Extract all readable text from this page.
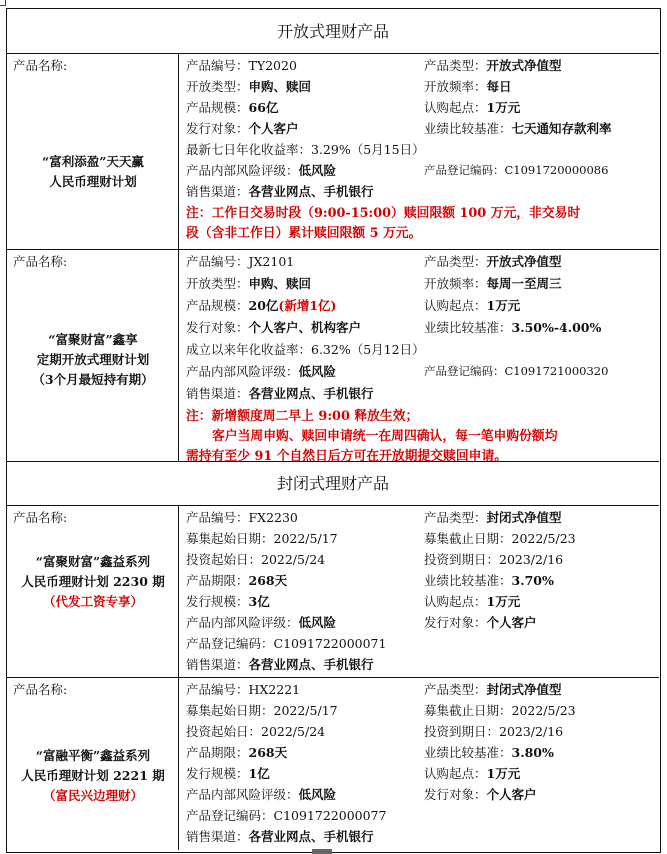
开放式理财产品
产品名称:
“富利添盈”天天赢
人民币理财计划
产品编号：TY2020	产品类型：开放式净值型
开放类型：申购、赎回	开放频率：每日
产品规模：66亿	认购起点：1万元
发行对象：个人客户	业绩比较基准：七天通知存款利率
最新七日年化收益率：3.29%（5月15日）
产品内部风险评级：低风险	产品登记编码：C1091720000086
销售渠道：各营业网点、手机银行
注：工作日交易时段（9:00-15:00）赎回限额 100 万元，非交易时
段（含非工作日）累计赎回限额 5 万元。
产品名称:
“富聚财富”鑫享
定期开放式理财计划
（3个月最短持有期）
产品编号：JX2101	产品类型：开放式净值型
开放类型：申购、赎回	开放频率：每周一至周三
产品规模：20亿(新增1亿)	认购起点：1万元
发行对象：个人客户、机构客户	业绩比较基准：3.50%-4.00%
成立以来年化收益率：6.32%（5月12日）
产品内部风险评级：低风险	产品登记编码：C1091721000320
销售渠道：各营业网点、手机银行
注：新增额度周二早上 9:00 释放生效；
客户当周申购、赎回申请统一在周四确认，每一笔申购份额均
需持有至少 91 个自然日后方可在开放期提交赎回申请。
封闭式理财产品
产品名称:
“富聚财富”鑫益系列
人民币理财计划 2230 期
（代发工资专享）
产品编号：FX2230	产品类型：封闭式净值型
募集起始日期：2022/5/17	募集截止日期：2022/5/23
投资起始日：2022/5/24	投资到期日：2023/2/16
产品期限：268天	业绩比较基准：3.70%
发行规模：3亿	认购起点：1万元
产品内部风险评级：低风险	发行对象：个人客户
产品登记编码：C1091722000071
销售渠道：各营业网点、手机银行
产品名称:
“富融平衡”鑫益系列
人民币理财计划 2221 期
（富民兴边理财）
产品编号：HX2221	产品类型：封闭式净值型
募集起始日期：2022/5/17	募集截止日期：2022/5/23
投资起始日：2022/5/24	投资到期日：2023/2/16
产品期限：268天	业绩比较基准：3.80%
发行规模：1亿	认购起点：1万元
产品内部风险评级：低风险	发行对象：个人客户
产品登记编码：C1091722000077
销售渠道：各营业网点、手机银行
